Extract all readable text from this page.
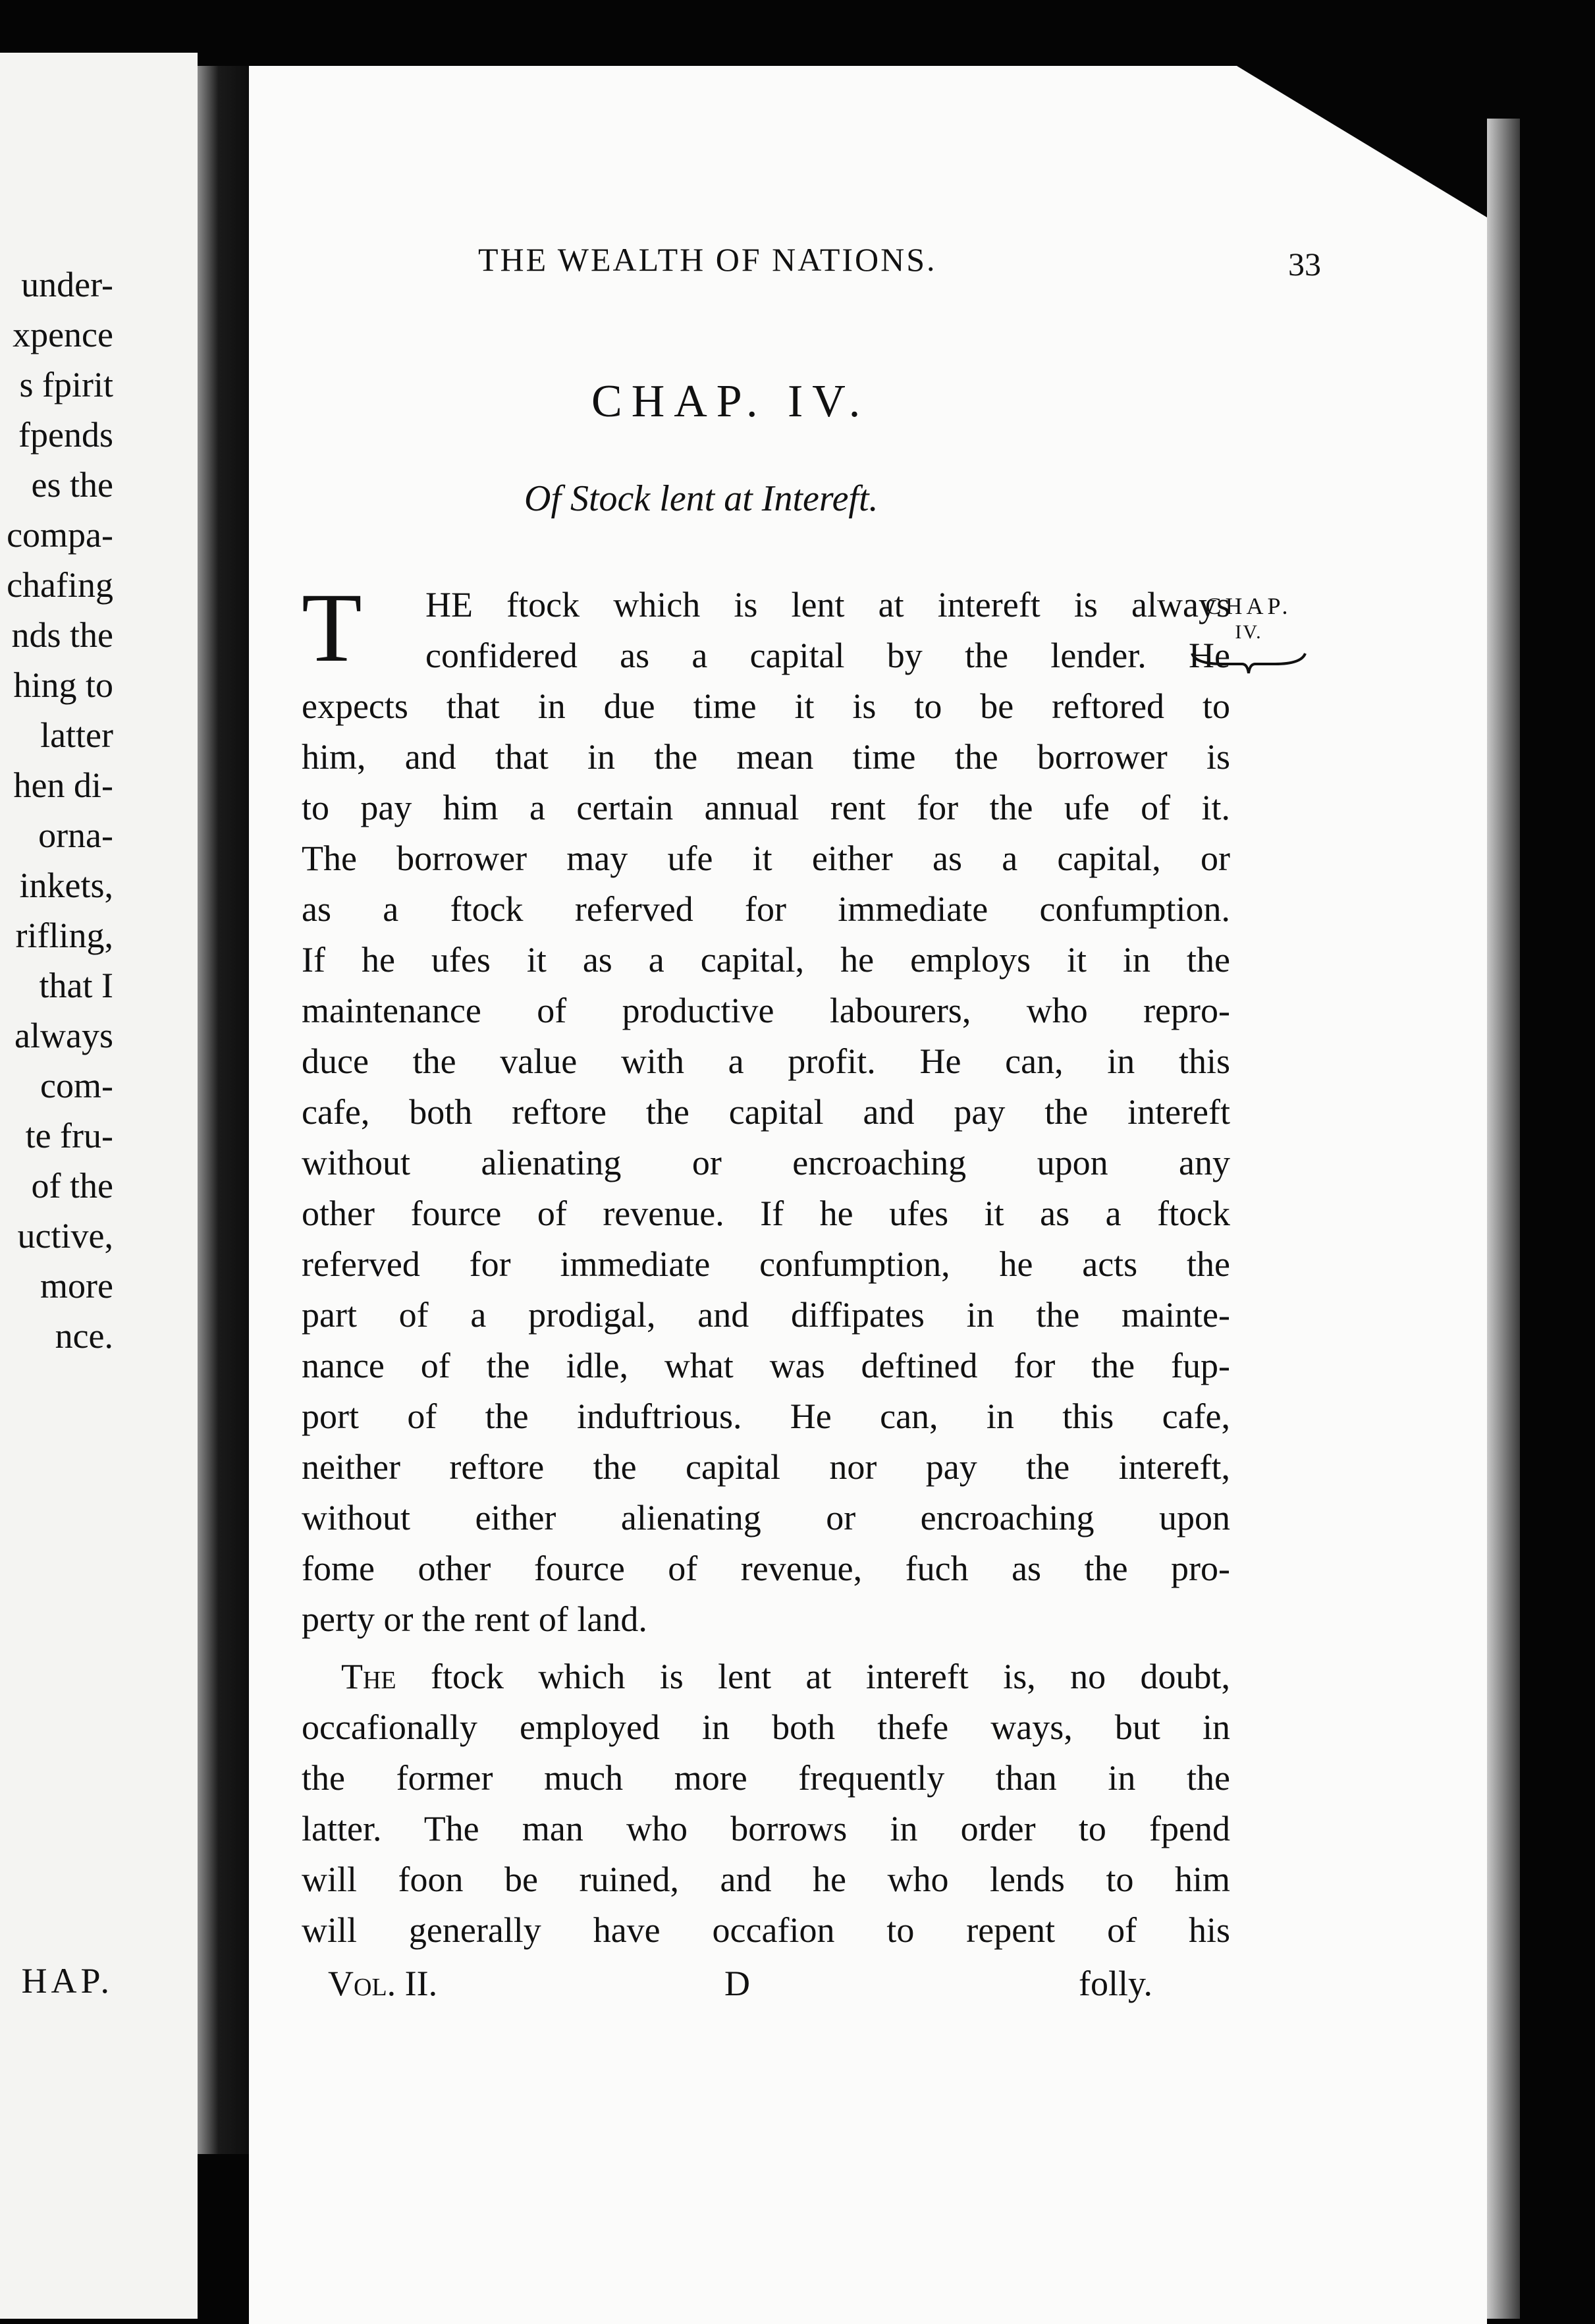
under-
xpence
s fpirit
fpends
es the
compa-
chafing
nds the
hing to
latter
hen di-
orna-
inkets,
rifling,
that I
always
com-
te fru-
of the
uctive,
more
nce.
HAP.
⠀
THE WEALTH OF NATIONS.	33
CHAP. IV.
Of Stock lent at Intereft.
CHAP.
IV.
T	HE ftock which is lent at intereft is always
confidered as a capital by the lender. He
expects that in due time it is to be reftored to
him, and that in the mean time the borrower is
to pay him a certain annual rent for the ufe of it.
The borrower may ufe it either as a capital, or
as a ftock referved for immediate confumption.
If he ufes it as a capital, he employs it in the
maintenance of productive labourers, who repro-
duce the value with a profit. He can, in this
cafe, both reftore the capital and pay the intereft
without alienating or encroaching upon any
other fource of revenue. If he ufes it as a ftock
referved for immediate confumption, he acts the
part of a prodigal, and diffipates in the mainte-
nance of the idle, what was deftined for the fup-
port of the induftrious. He can, in this cafe,
neither reftore the capital nor pay the intereft,
without either alienating or encroaching upon
fome other fource of revenue, fuch as the pro-
perty or the rent of land.
The ftock which is lent at intereft is, no doubt,
occafionally employed in both thefe ways, but in
the former much more frequently than in the
latter. The man who borrows in order to fpend
will foon be ruined, and he who lends to him
will generally have occafion to repent of his
Vol. II.	D	folly.
